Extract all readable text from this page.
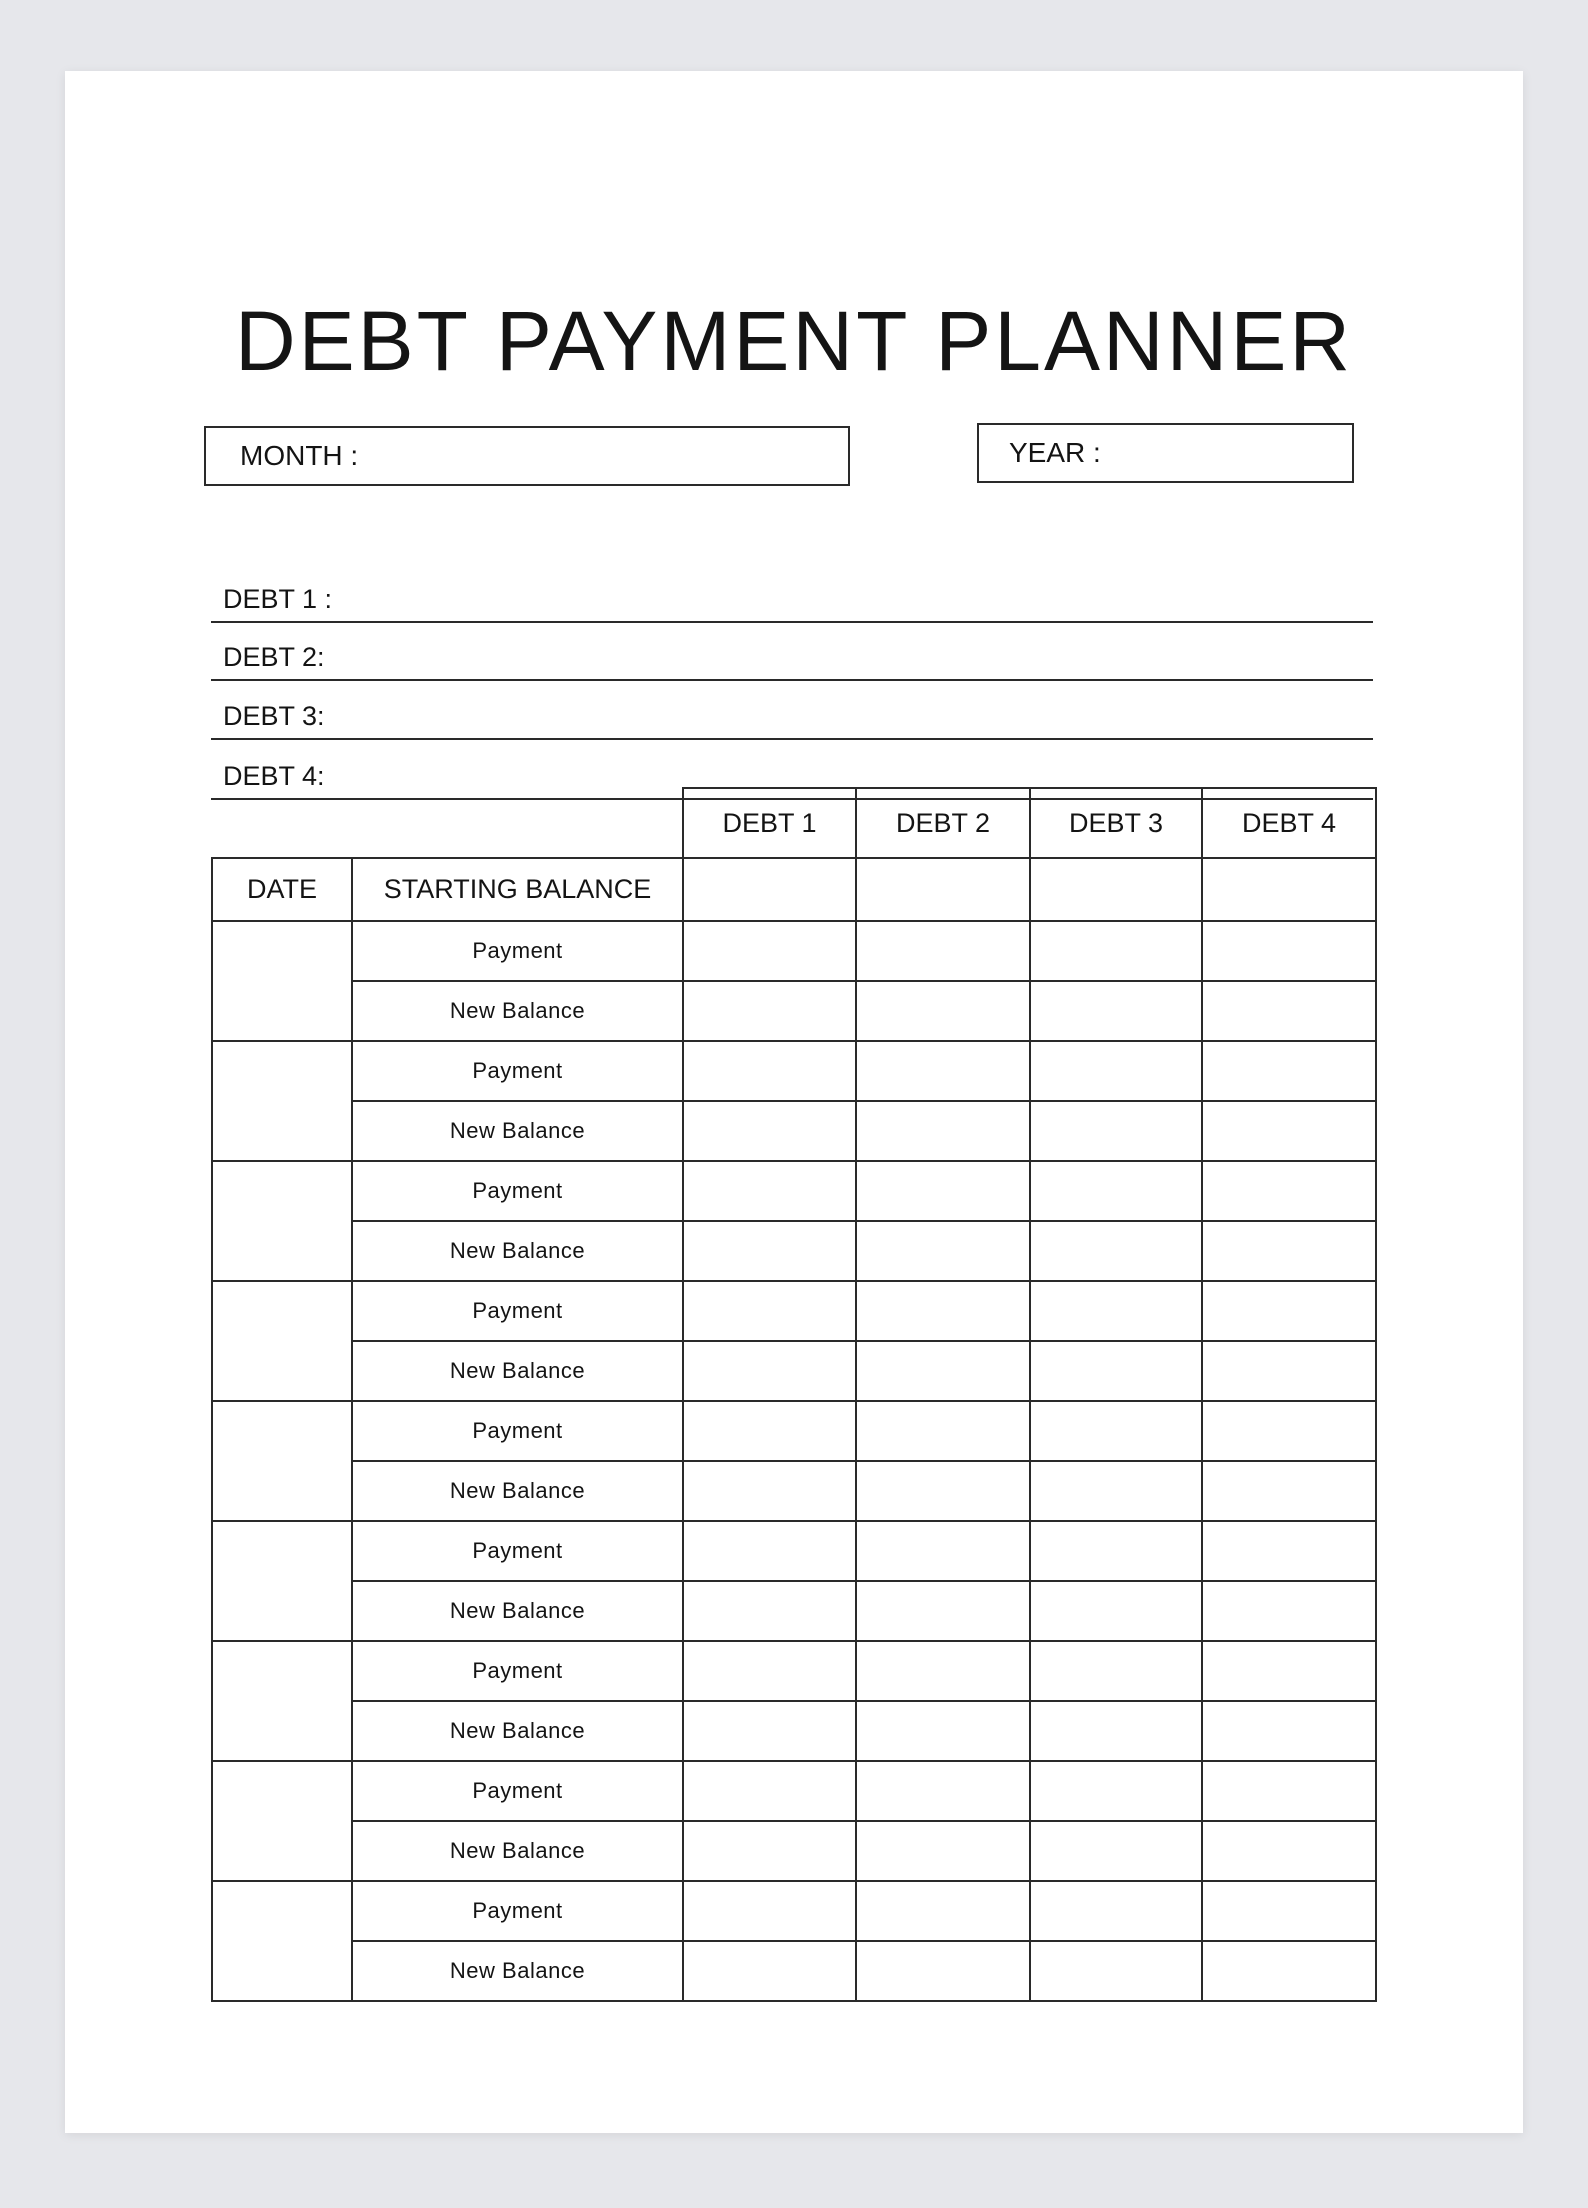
DEBT PAYMENT PLANNER
MONTH :	YEAR :
DEBT 1 :
DEBT 2:
DEBT 3:
DEBT 4:
		DEBT 1	DEBT 2	DEBT 3	DEBT 4
DATE	STARTING BALANCE				
	Payment				
	New Balance				
	Payment				
	New Balance				
	Payment				
	New Balance				
	Payment				
	New Balance				
	Payment				
	New Balance				
	Payment				
	New Balance				
	Payment				
	New Balance				
	Payment				
	New Balance				
	Payment				
	New Balance				
